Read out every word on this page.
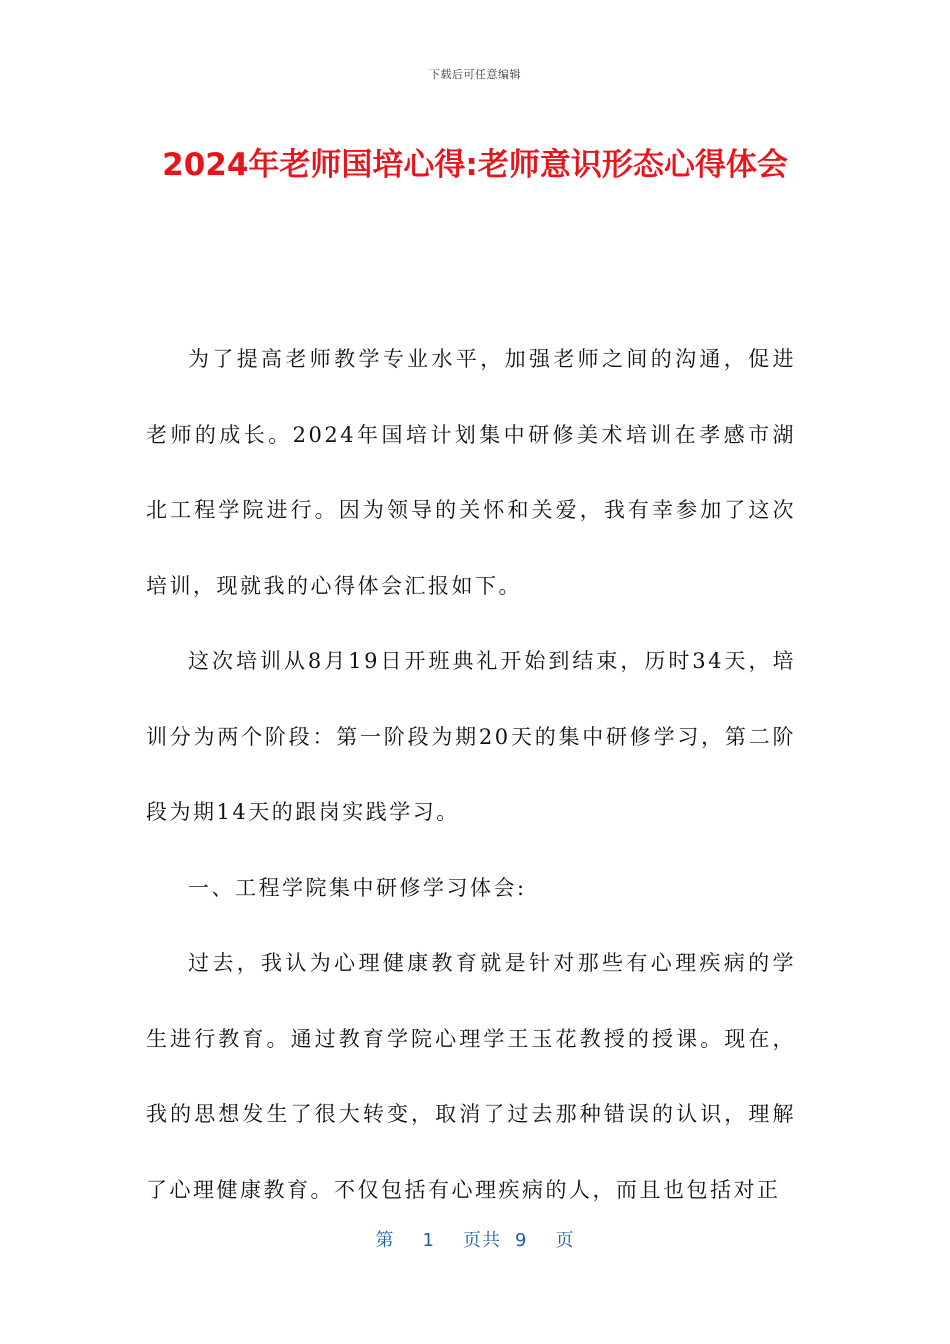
下载后可任意编辑
2024年老师国培心得:老师意识形态心得体会

为了提高老师教学专业水平，加强老师之间的沟通，促进老师的成长。2024年国培计划集中研修美术培训在孝感市湖北工程学院进行。因为领导的关怀和关爱，我有幸参加了这次培训，现就我的心得体会汇报如下。

这次培训从8月19日开班典礼开始到结束，历时34天，培训分为两个阶段：第一阶段为期20天的集中研修学习，第二阶段为期14天的跟岗实践学习。

一、工程学院集中研修学习体会:

过去，我认为心理健康教育就是针对那些有心理疾病的学生进行教育。通过教育学院心理学王玉花教授的授课。现在，我的思想发生了很大转变，取消了过去那种错误的认识，理解了心理健康教育。不仅包括有心理疾病的人，而且也包括对正

第 1 页共 9 页
